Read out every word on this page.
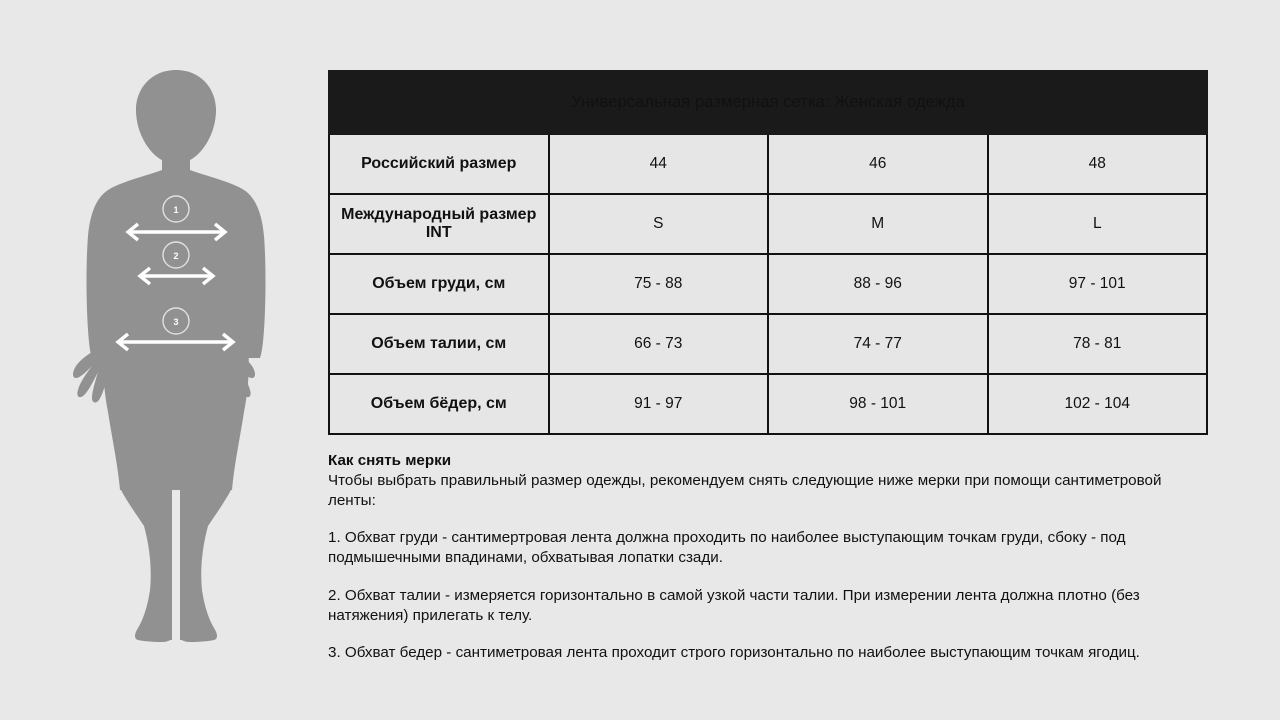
1
2
3
Универсальная размерная сетка: Женская одежда			
Российский размер	44	46	48
Международный размер INT	S	M	L
Объем груди, см	75 - 88	88 - 96	97 - 101
Объем талии, см	66 - 73	74 - 77	78 - 81
Объем бёдер, см	91 - 97	98 - 101	102 - 104

Как снять мерки

Чтобы выбрать правильный размер одежды, рекомендуем снять следующие ниже мерки при помощи сантиметровой ленты:

1. Обхват груди - сантимертровая лента должна проходить по наиболее выступающим точкам груди, сбоку - под подмышечными впадинами, обхватывая лопатки сзади.

2. Обхват талии - измеряется горизонтально в самой узкой части талии. При измерении лента должна плотно (без натяжения) прилегать к телу.

3. Обхват бедер - сантиметровая лента проходит строго горизонтально по наиболее выступающим точкам ягодиц.
